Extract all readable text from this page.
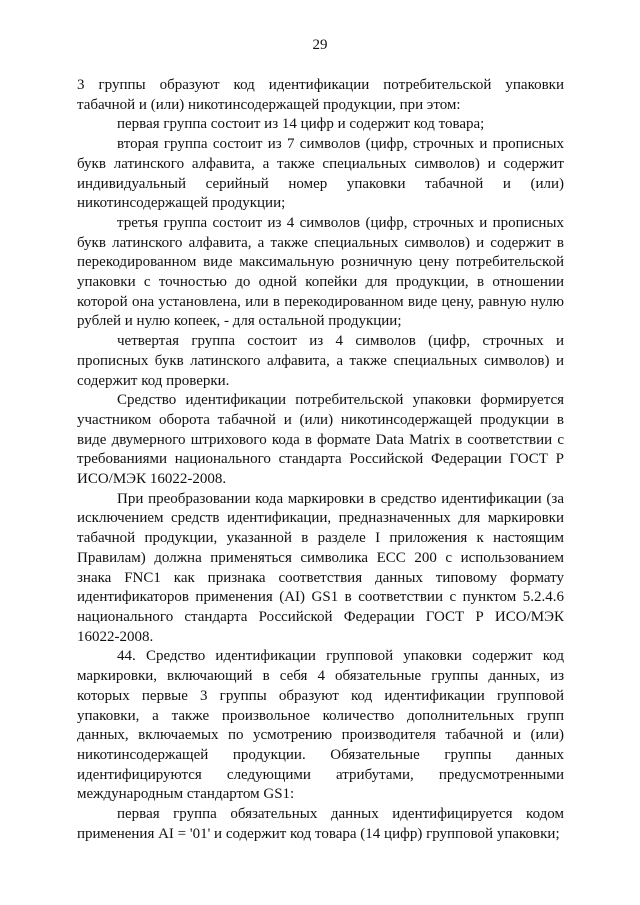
29

3 группы образуют код идентификации потребительской упаковки табачной и (или) никотинсодержащей продукции, при этом:

первая группа состоит из 14 цифр и содержит код товара;

вторая группа состоит из 7 символов (цифр, строчных и прописных букв латинского алфавита, а также специальных символов) и содержит индивидуальный серийный номер упаковки табачной и (или) никотинсодержащей продукции;

третья группа состоит из 4 символов (цифр, строчных и прописных букв латинского алфавита, а также специальных символов) и содержит в перекодированном виде максимальную розничную цену потребительской упаковки с точностью до одной копейки для продукции, в отношении которой она установлена, или в перекодированном виде цену, равную нулю рублей и нулю копеек, - для остальной продукции;

четвертая группа состоит из 4 символов (цифр, строчных и прописных букв латинского алфавита, а также специальных символов) и содержит код проверки.

Средство идентификации потребительской упаковки формируется участником оборота табачной и (или) никотинсодержащей продукции в виде двумерного штрихового кода в формате Data Matrix в соответствии с требованиями национального стандарта Российской Федерации ГОСТ Р ИСО/МЭК 16022-2008.

При преобразовании кода маркировки в средство идентификации (за исключением средств идентификации, предназначенных для маркировки табачной продукции, указанной в разделе I приложения к настоящим Правилам) должна применяться символика ECC 200 с использованием знака FNC1 как признака соответствия данных типовому формату идентификаторов применения (AI) GS1 в соответствии с пунктом 5.2.4.6 национального стандарта Российской Федерации ГОСТ Р ИСО/МЭК 16022-2008.

44. Средство идентификации групповой упаковки содержит код маркировки, включающий в себя 4 обязательные группы данных, из которых первые 3 группы образуют код идентификации групповой упаковки, а также произвольное количество дополнительных групп данных, включаемых по усмотрению производителя табачной и (или) никотинсодержащей продукции. Обязательные группы данных идентифицируются следующими атрибутами, предусмотренными международным стандартом GS1:

первая группа обязательных данных идентифицируется кодом применения AI = '01' и содержит код товара (14 цифр) групповой упаковки;
